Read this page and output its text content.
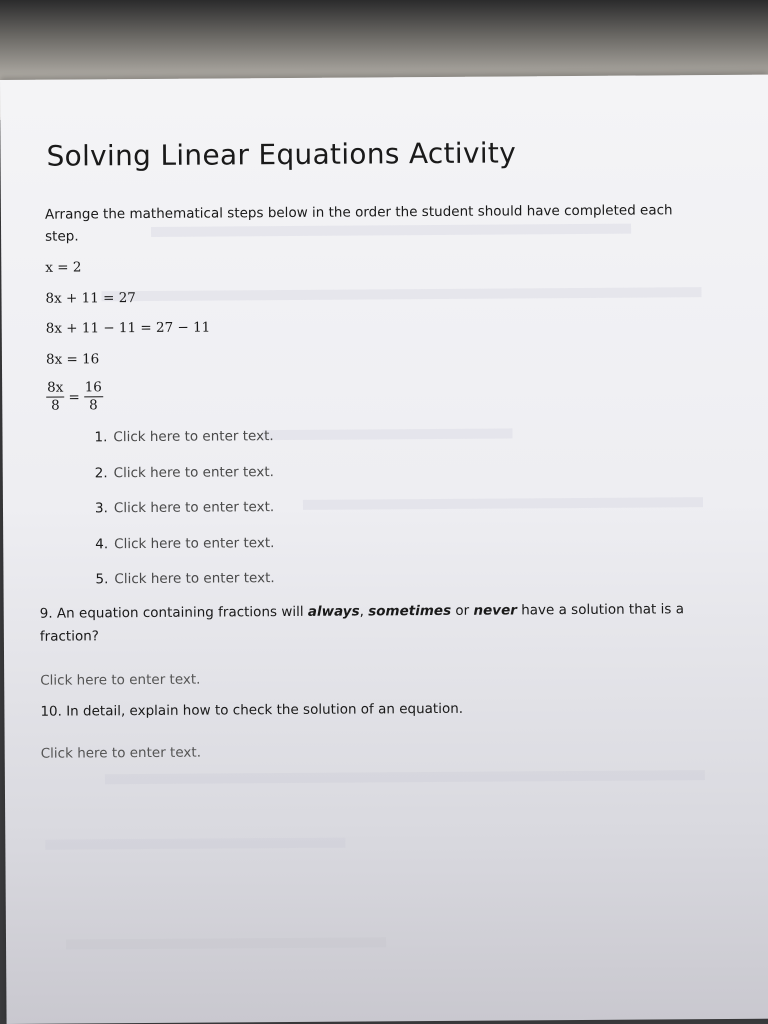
Solving Linear Equations Activity

Arrange the mathematical steps below in the order the student should have completed each step.

x = 2
8x + 11 = 27
8x + 11 − 11 = 27 − 11
8x = 16
$\frac{8x}{8} = \frac{16}{8}$
1. Click here to enter text.
2. Click here to enter text.
3. Click here to enter text.
4. Click here to enter text.
5. Click here to enter text.

9. An equation containing fractions will always, sometimes or never have a solution that is a fraction?

Click here to enter text.

10. In detail, explain how to check the solution of an equation.

Click here to enter text.
